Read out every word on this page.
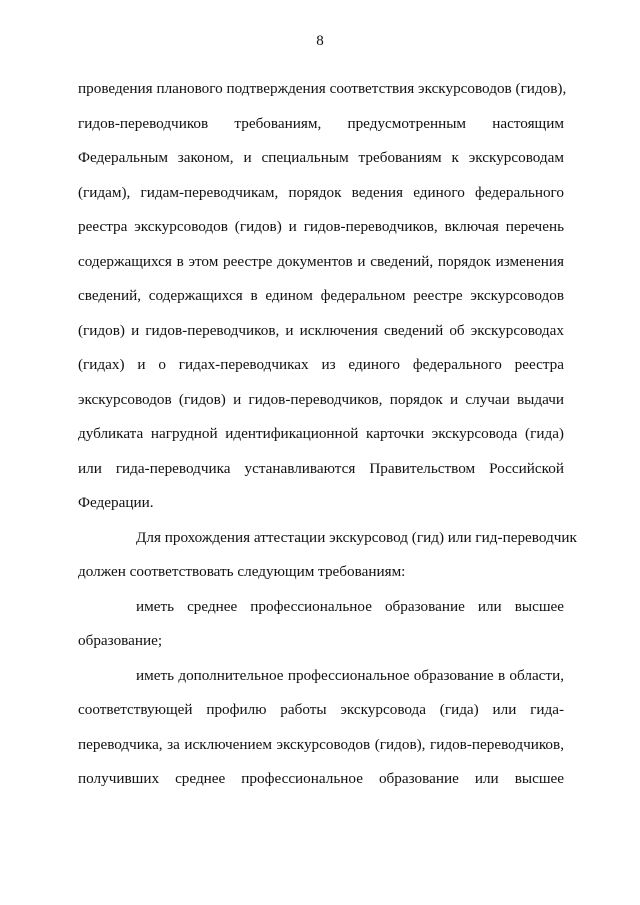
8
проведения планового подтверждения соответствия экскурсоводов (гидов),
гидов-переводчиков требованиям, предусмотренным настоящим
Федеральным законом, и специальным требованиям к экскурсоводам
(гидам), гидам-переводчикам, порядок ведения единого федерального
реестра экскурсоводов (гидов) и гидов-переводчиков, включая перечень
содержащихся в этом реестре документов и сведений, порядок изменения
сведений, содержащихся в едином федеральном реестре экскурсоводов
(гидов) и гидов-переводчиков, и исключения сведений об экскурсоводах
(гидах) и о гидах-переводчиках из единого федерального реестра
экскурсоводов (гидов) и гидов-переводчиков, порядок и случаи выдачи
дубликата нагрудной идентификационной карточки экскурсовода (гида)
или гида-переводчика устанавливаются Правительством Российской
Федерации.
Для прохождения аттестации экскурсовод (гид) или гид-переводчик
должен соответствовать следующим требованиям:
иметь среднее профессиональное образование или высшее
образование;
иметь дополнительное профессиональное образование в области,
соответствующей профилю работы экскурсовода (гида) или гида-
переводчика, за исключением экскурсоводов (гидов), гидов-переводчиков,
получивших среднее профессиональное образование или высшее
